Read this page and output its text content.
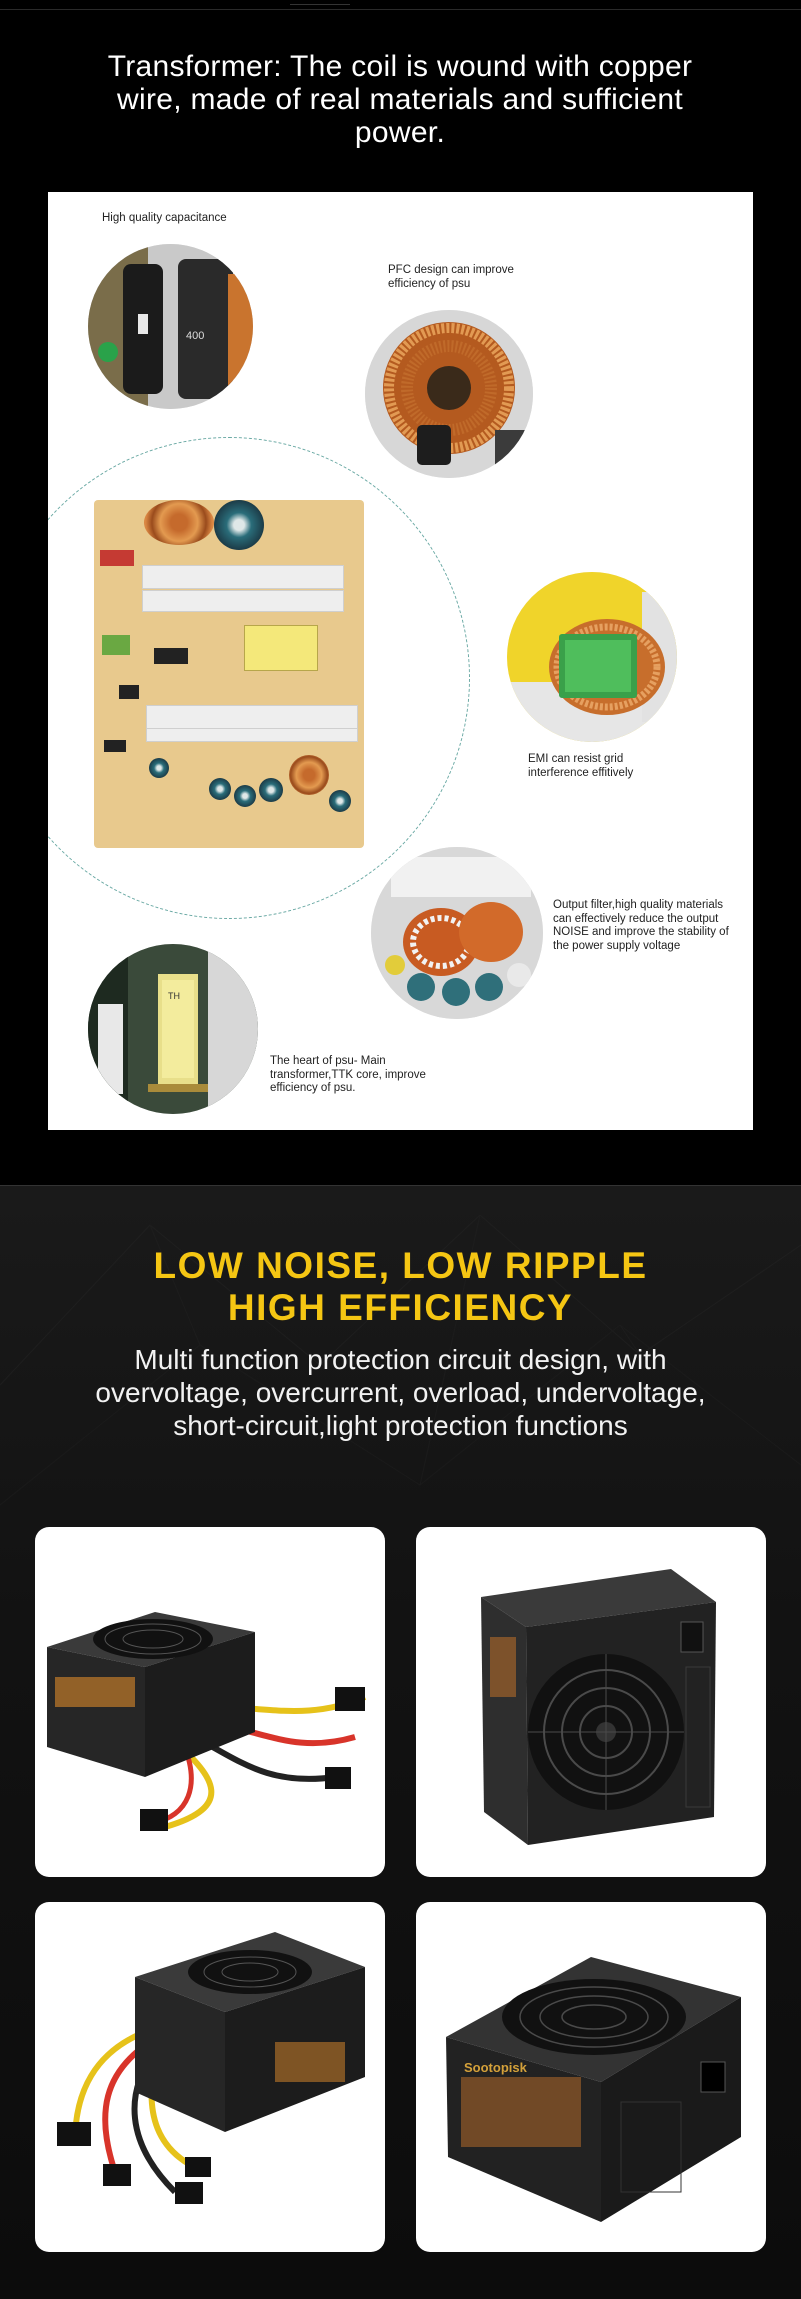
Transformer: The coil is wound with copper wire, made of real materials and sufficient power.
High quality capacitance
400
PFC design can improve efficiency of psu
EMI can resist grid interference effitively
Output filter,high quality materials can effectively reduce the output NOISE and improve the stability of the power supply voltage
TH
The heart of psu- Main transformer,TTK core, improve efficiency of psu.
LOW NOISE, LOW RIPPLE
HIGH EFFICIENCY
Multi function protection circuit design, with overvoltage, overcurrent, overload, undervoltage, short-circuit,light protection functions
Sootopisk
